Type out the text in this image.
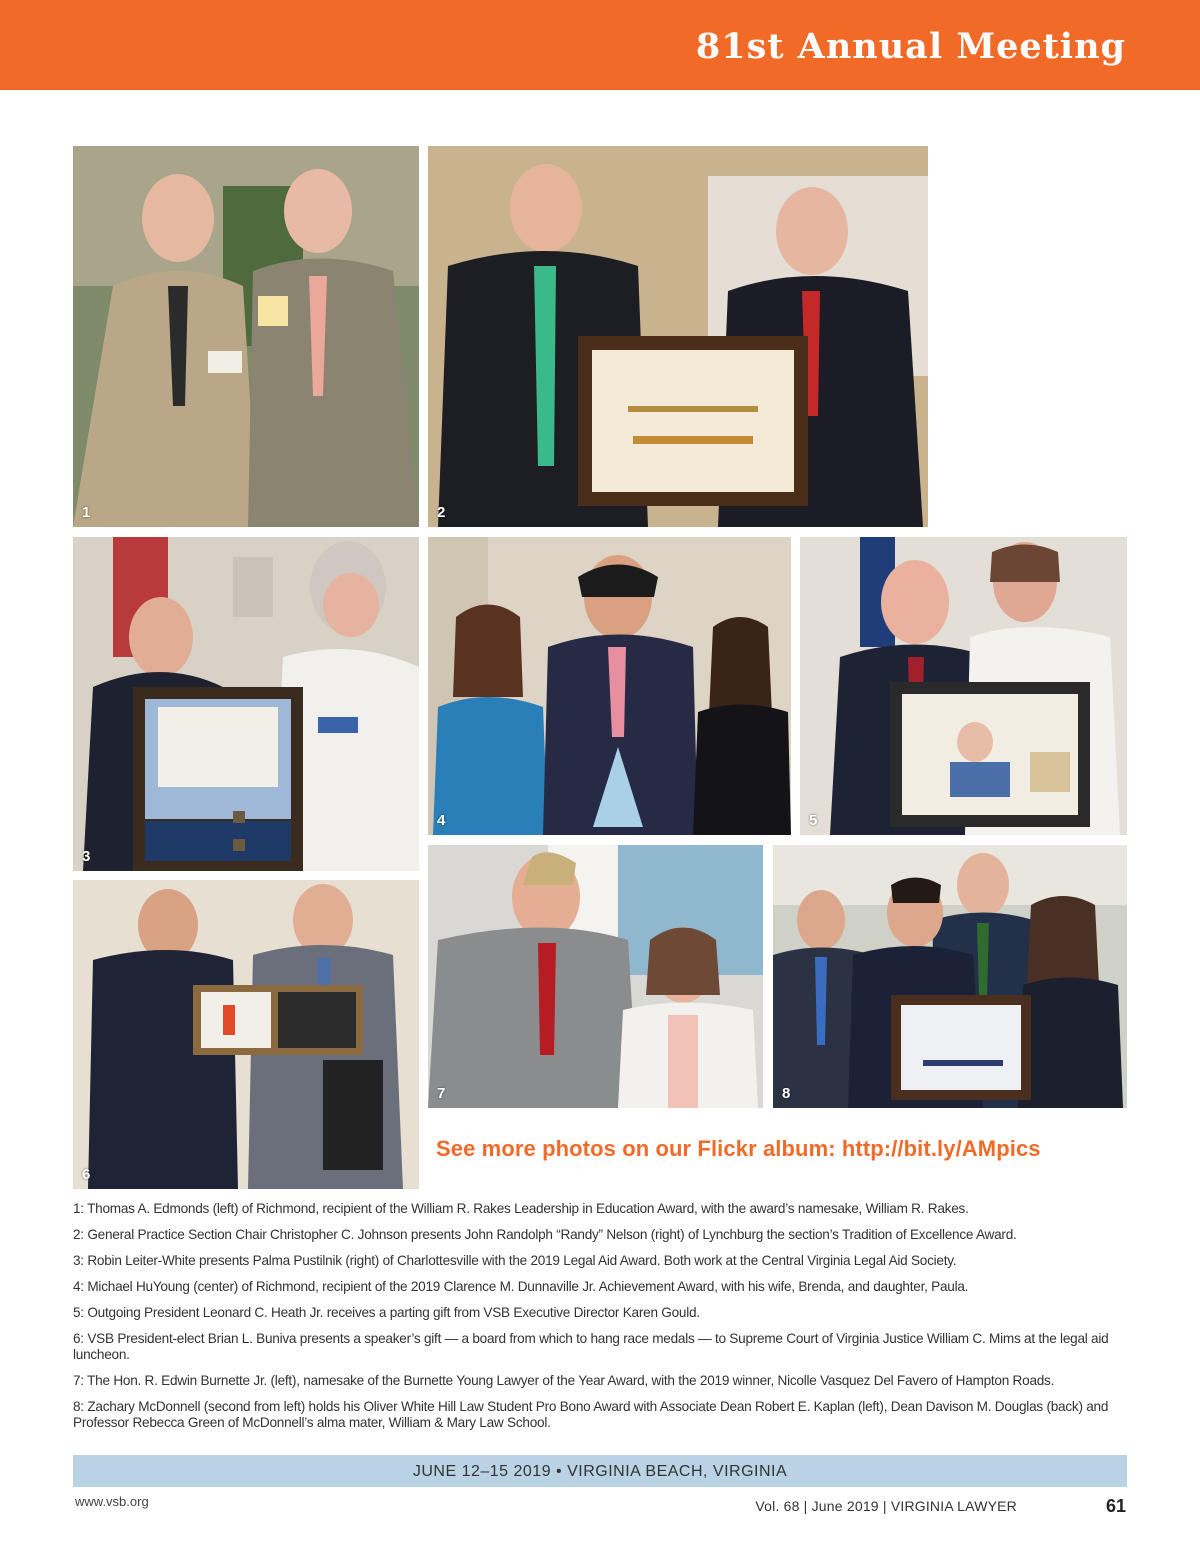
81st Annual Meeting
1	2
3
4	5
6
7	8
See more photos on our Flickr album: http://bit.ly/AMpics

1: Thomas A. Edmonds (left) of Richmond, recipient of the William R. Rakes Leadership in Education Award, with the award’s namesake, William R. Rakes.

2: General Practice Section Chair Christopher C. Johnson presents John Randolph “Randy” Nelson (right) of Lynchburg the section’s Tradition of Excellence Award.

3: Robin Leiter-White presents Palma Pustilnik (right) of Charlottesville with the 2019 Legal Aid Award. Both work at the Central Virginia Legal Aid Society.

4: Michael HuYoung (center) of Richmond, recipient of the 2019 Clarence M. Dunnaville Jr. Achievement Award, with his wife, Brenda, and daughter, Paula.

5: Outgoing President Leonard C. Heath Jr. receives a parting gift from VSB Executive Director Karen Gould.

6: VSB President-elect Brian L. Buniva presents a speaker’s gift — a board from which to hang race medals — to Supreme Court of Virginia Justice William C. Mims at the legal aid luncheon.

7: The Hon. R. Edwin Burnette Jr. (left), namesake of the Burnette Young Lawyer of the Year Award, with the 2019 winner, Nicolle Vasquez Del Favero of Hampton Roads.

8: Zachary McDonnell (second from left) holds his Oliver White Hill Law Student Pro Bono Award with Associate Dean Robert E. Kaplan (left), Dean Davison M. Douglas (back) and Professor Rebecca Green of McDonnell’s alma mater, William & Mary Law School.

JUNE 12–15 2019 • VIRGINIA BEACH, VIRGINIA
www.vsb.org	Vol. 68 | June 2019 | VIRGINIA LAWYER	61
